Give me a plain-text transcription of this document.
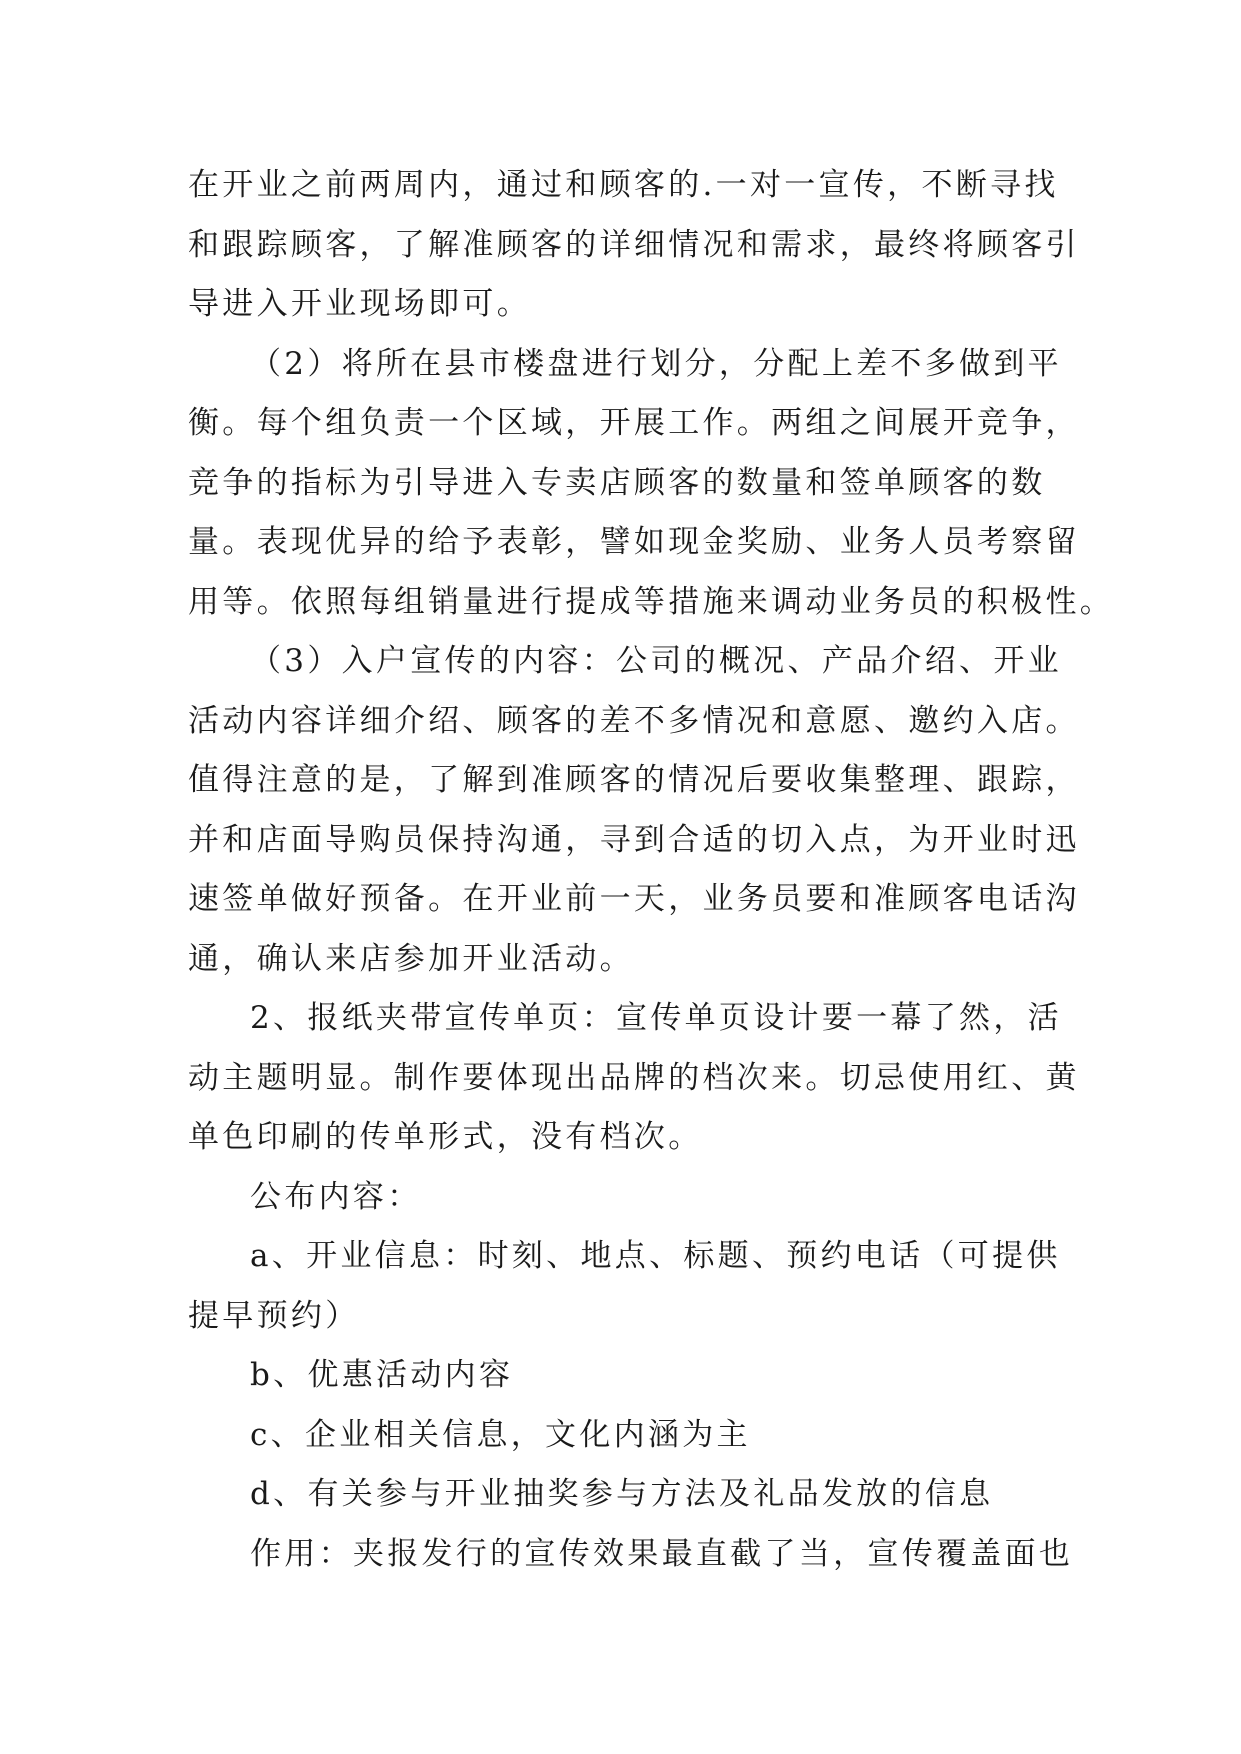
在开业之前两周内，通过和顾客的.一对一宣传，不断寻找
和跟踪顾客，了解准顾客的详细情况和需求，最终将顾客引
导进入开业现场即可。
（2）将所在县市楼盘进行划分，分配上差不多做到平
衡。每个组负责一个区域，开展工作。两组之间展开竞争，
竞争的指标为引导进入专卖店顾客的数量和签单顾客的数
量。表现优异的给予表彰，譬如现金奖励、业务人员考察留
用等。依照每组销量进行提成等措施来调动业务员的积极性。
（3）入户宣传的内容：公司的概况、产品介绍、开业
活动内容详细介绍、顾客的差不多情况和意愿、邀约入店。
值得注意的是，了解到准顾客的情况后要收集整理、跟踪，
并和店面导购员保持沟通，寻到合适的切入点，为开业时迅
速签单做好预备。在开业前一天，业务员要和准顾客电话沟
通，确认来店参加开业活动。
2、报纸夹带宣传单页：宣传单页设计要一幕了然，活
动主题明显。制作要体现出品牌的档次来。切忌使用红、黄
单色印刷的传单形式，没有档次。
公布内容：
a、开业信息：时刻、地点、标题、预约电话（可提供
提早预约）
b、优惠活动内容
c、企业相关信息，文化内涵为主
d、有关参与开业抽奖参与方法及礼品发放的信息
作用：夹报发行的宣传效果最直截了当，宣传覆盖面也
